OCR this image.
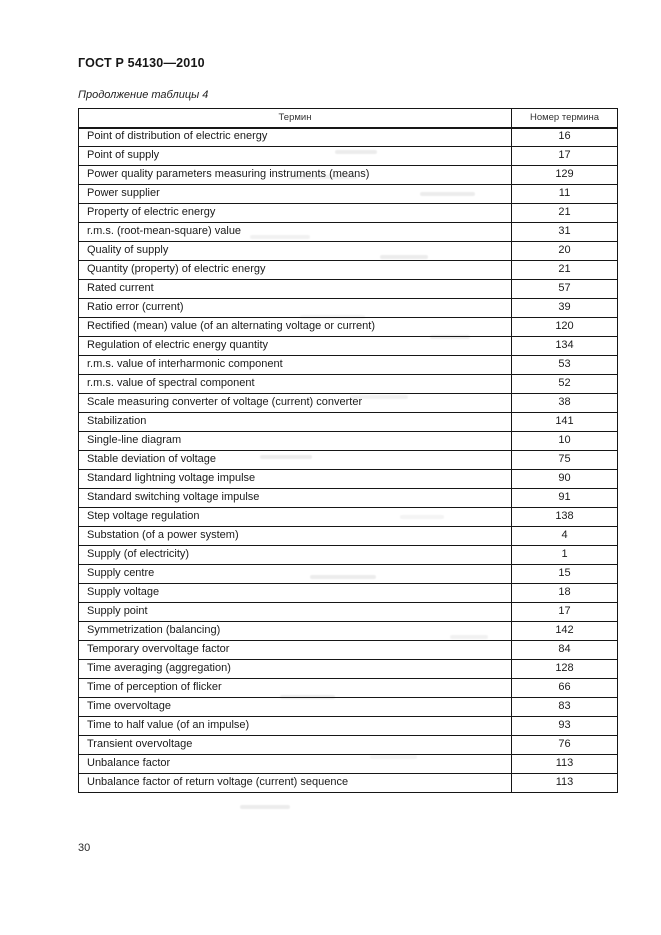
ГОСТ Р 54130—2010
Продолжение таблицы 4
Термин	Номер термина
Point of distribution of electric energy	16
Point of supply	17
Power quality parameters measuring instruments (means)	129
Power supplier	11
Property of electric energy	21
r.m.s. (root-mean-square) value	31
Quality of supply	20
Quantity (property) of electric energy	21
Rated current	57
Ratio error (current)	39
Rectified (mean) value (of an alternating voltage or current)	120
Regulation of electric energy quantity	134
r.m.s. value of interharmonic component	53
r.m.s. value of spectral component	52
Scale measuring converter of voltage (current) converter	38
Stabilization	141
Single-line diagram	10
Stable deviation of voltage	75
Standard lightning voltage impulse	90
Standard switching voltage impulse	91
Step voltage regulation	138
Substation (of a power system)	4
Supply (of electricity)	1
Supply centre	15
Supply voltage	18
Supply point	17
Symmetrization (balancing)	142
Temporary overvoltage factor	84
Time averaging (aggregation)	128
Time of perception of flicker	66
Time overvoltage	83
Time to half value (of an impulse)	93
Transient overvoltage	76
Unbalance factor	113
Unbalance factor of return voltage (current) sequence	113
30
